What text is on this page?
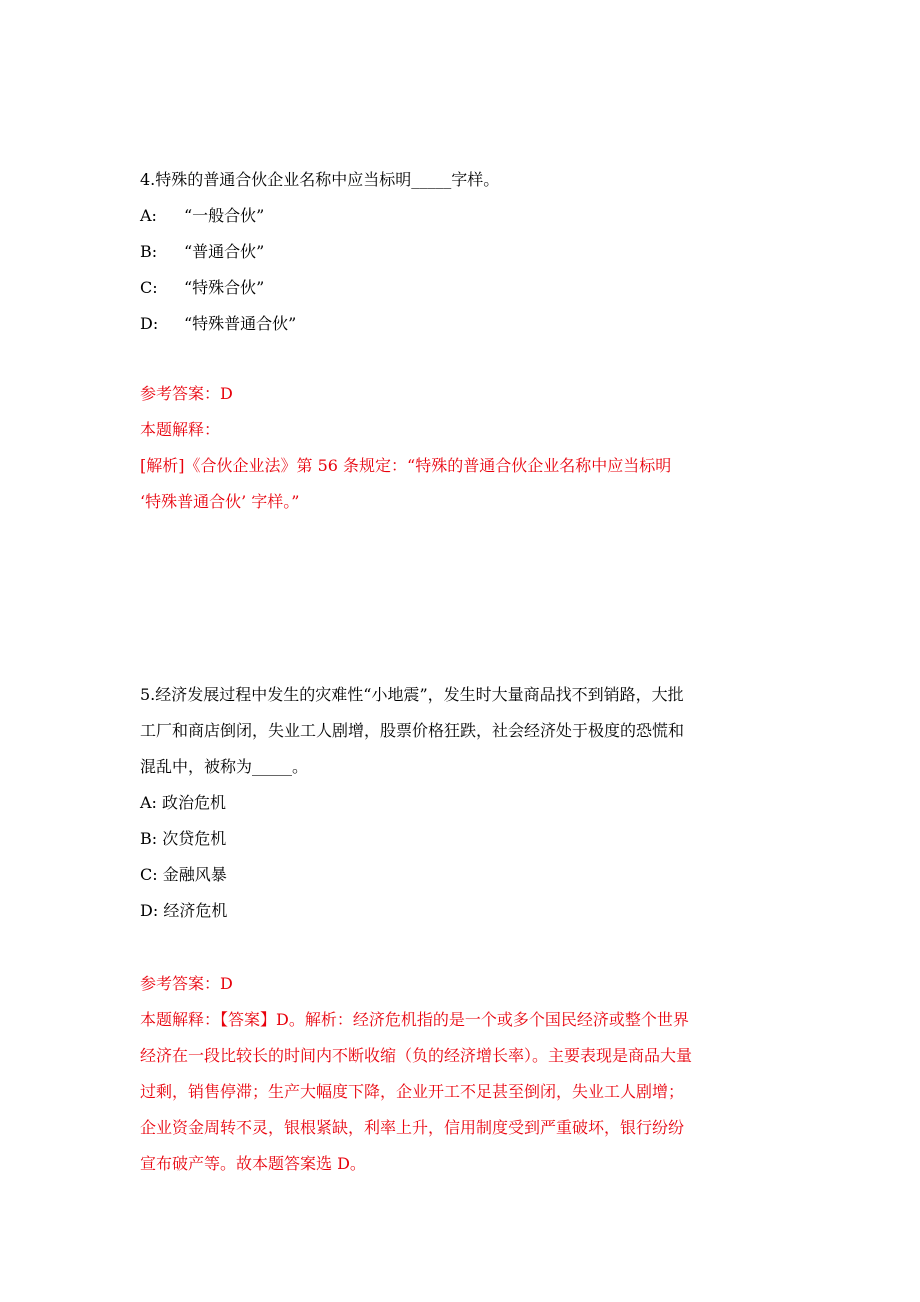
4.特殊的普通合伙企业名称中应当标明_____字样。
A: “一般合伙”
B: “普通合伙”
C: “特殊合伙”
D: “特殊普通合伙”
参考答案：D
本题解释：
[解析]《合伙企业法》第 56 条规定：“特殊的普通合伙企业名称中应当标明
‘特殊普通合伙’ 字样。”
5.经济发展过程中发生的灾难性“小地震”，发生时大量商品找不到销路，大批
工厂和商店倒闭，失业工人剧增，股票价格狂跌，社会经济处于极度的恐慌和
混乱中，被称为_____。
A: 政治危机
B: 次贷危机
C: 金融风暴
D: 经济危机
参考答案：D
本题解释：【答案】D。解析：经济危机指的是一个或多个国民经济或整个世界
经济在一段比较长的时间内不断收缩（负的经济增长率）。主要表现是商品大量
过剩，销售停滞；生产大幅度下降，企业开工不足甚至倒闭，失业工人剧增；
企业资金周转不灵，银根紧缺，利率上升，信用制度受到严重破坏，银行纷纷
宣布破产等。故本题答案选 D。
